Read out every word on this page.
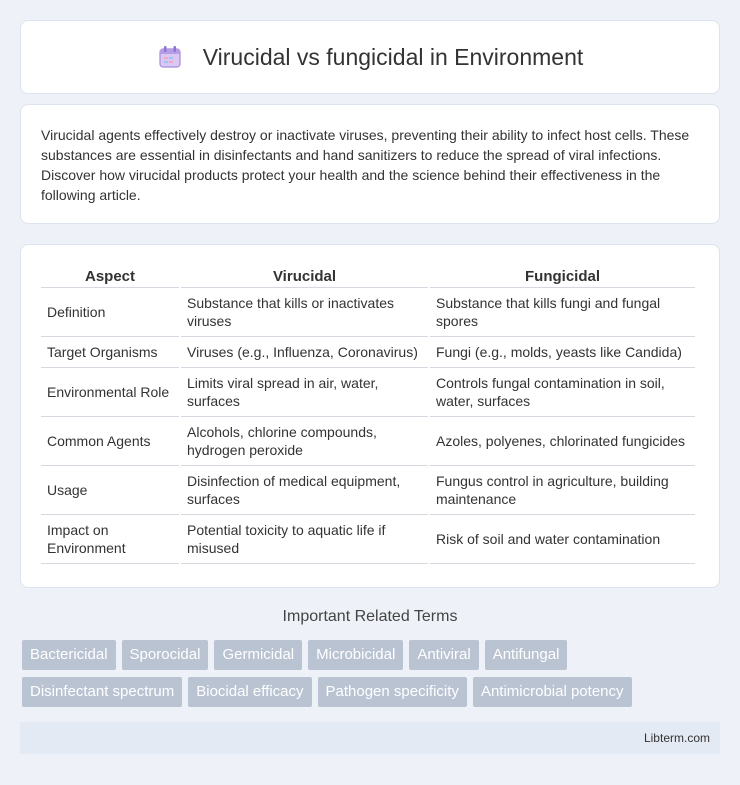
Virucidal vs fungicidal in Environment

Virucidal agents effectively destroy or inactivate viruses, preventing their ability to infect host cells. These substances are essential in disinfectants and hand sanitizers to reduce the spread of viral infections. Discover how virucidal products protect your health and the science behind their effectiveness in the following article.

Aspect	Virucidal	Fungicidal
Definition	Substance that kills or inactivates viruses	Substance that kills fungi and fungal spores
Target Organisms	Viruses (e.g., Influenza, Coronavirus)	Fungi (e.g., molds, yeasts like Candida)
Environmental Role	Limits viral spread in air, water, surfaces	Controls fungal contamination in soil, water, surfaces
Common Agents	Alcohols, chlorine compounds, hydrogen peroxide	Azoles, polyenes, chlorinated fungicides
Usage	Disinfection of medical equipment, surfaces	Fungus control in agriculture, building maintenance
Impact on Environment	Potential toxicity to aquatic life if misused	Risk of soil and water contamination
Important Related Terms
Bactericidal	Sporocidal	Germicidal	Microbicidal	Antiviral	Antifungal
Disinfectant spectrum	Biocidal efficacy	Pathogen specificity	Antimicrobial potency
Libterm.com
